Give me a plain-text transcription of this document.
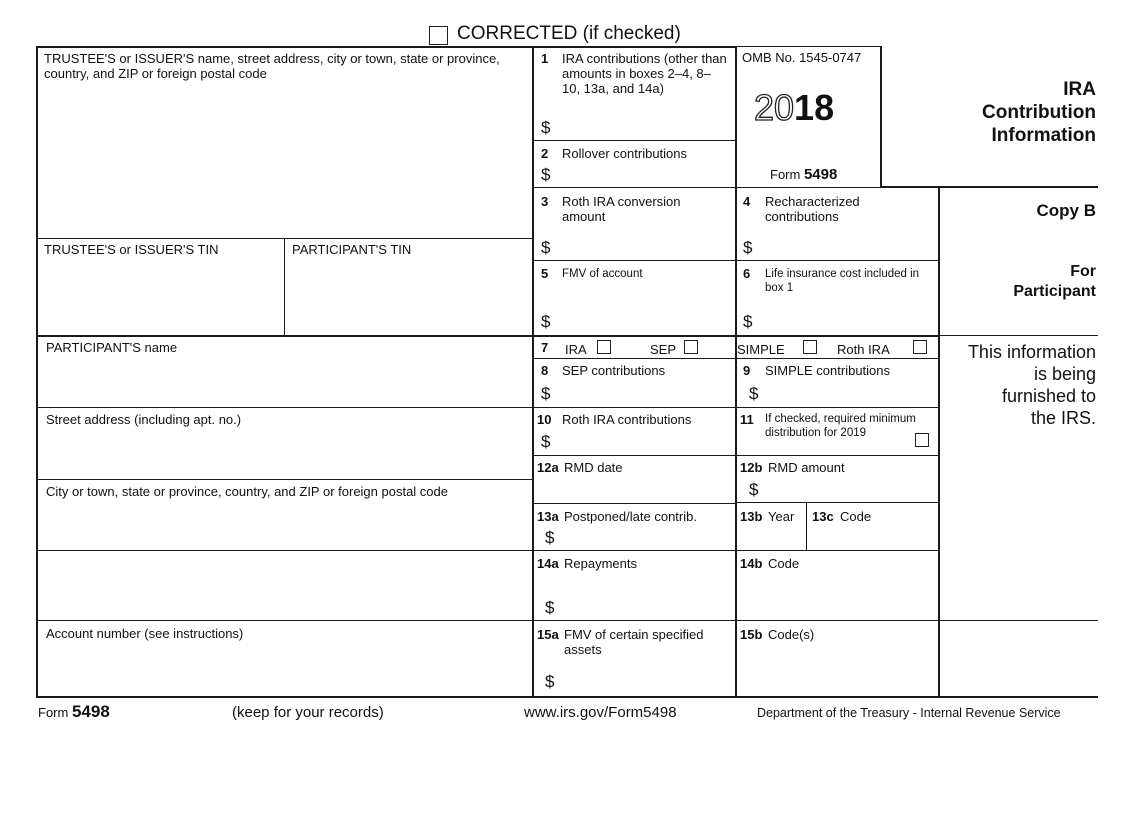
CORRECTED (if checked)
TRUSTEE'S or ISSUER'S name, street address, city or town, state or province, country, and ZIP or foreign postal code
TRUSTEE'S or ISSUER'S TIN	PARTICIPANT'S TIN
PARTICIPANT'S name
Street address (including apt. no.)
City or town, state or province, country, and ZIP or foreign postal code
Account number (see instructions)
1 IRA contributions (other than amounts in boxes 2–4, 8–10, 13a, and 14a)
$
OMB No. 1545-0747
2018
Form 5498
2 Rollover contributions
$
3 Roth IRA conversion amount
$
4 Recharacterized contributions
$
5 FMV of account
$
6 Life insurance cost included in box 1
$
7 IRA	SEP	SIMPLE	Roth IRA
8 SEP contributions
$
9 SIMPLE contributions
$
10 Roth IRA contributions
$
11 If checked, required minimum distribution for 2019
12a RMD date	12b RMD amount
$
13a Postponed/late contrib.
$
13b Year 13c Code
14a Repayments
$
14b Code
15a FMV of certain specified assets
$
15b Code(s)
IRA
Contribution
Information
Copy B
For
Participant
This information
is being
furnished to
the IRS.
Form 5498	(keep for your records)	www.irs.gov/Form5498	Department of the Treasury - Internal Revenue Service
